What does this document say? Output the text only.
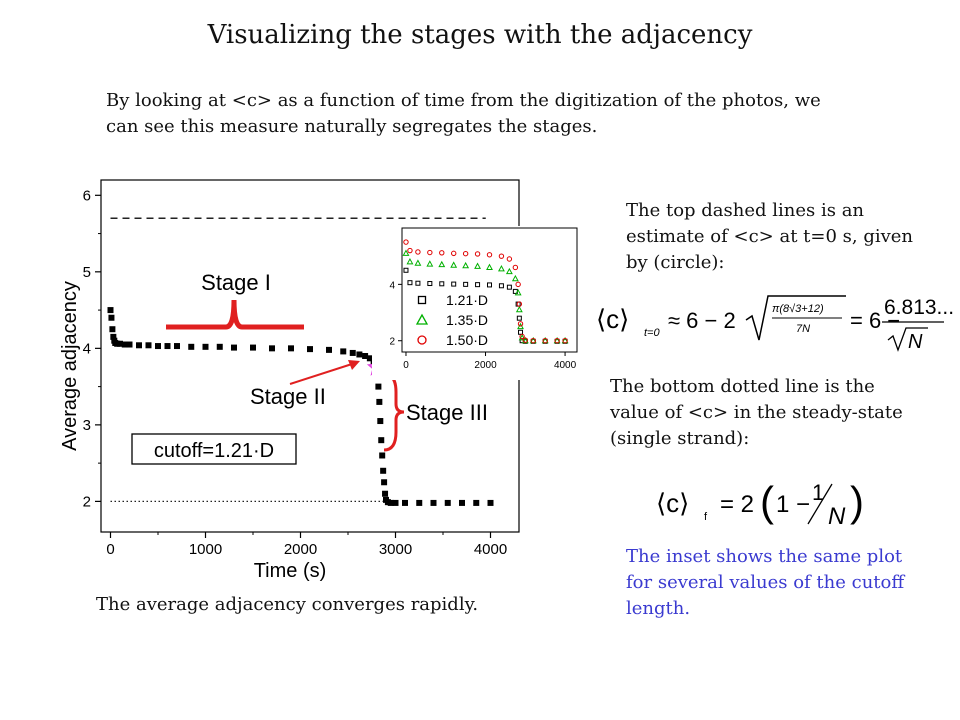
Visualizing the stages with the adjacency
By looking at <c> as a function of time from the digitization of the photos, we can see this measure naturally segregates the stages.
0	1000	2000	3000	4000
2
3
4
5
6
Time (s)
Average adjacency	Stage I
Stage II
Stage III
cutoff=1.21·D
0	2000	4000
2
4
1.21·D
1.35·D
1.50·D
The average adjacency converges rapidly.
The top dashed lines is an estimate of <c> at t=0 s, given by (circle):
⟨c⟩ t=0 ≈ 6 − 2	π(8√3+12)
7N = 6 −
6.813...
N
The bottom dotted line is the value of <c> in the steady-state (single strand):
⟨c⟩ f = 2 ( 1 − 1
N )
The inset shows the same plot for several values of the cutoff length.
